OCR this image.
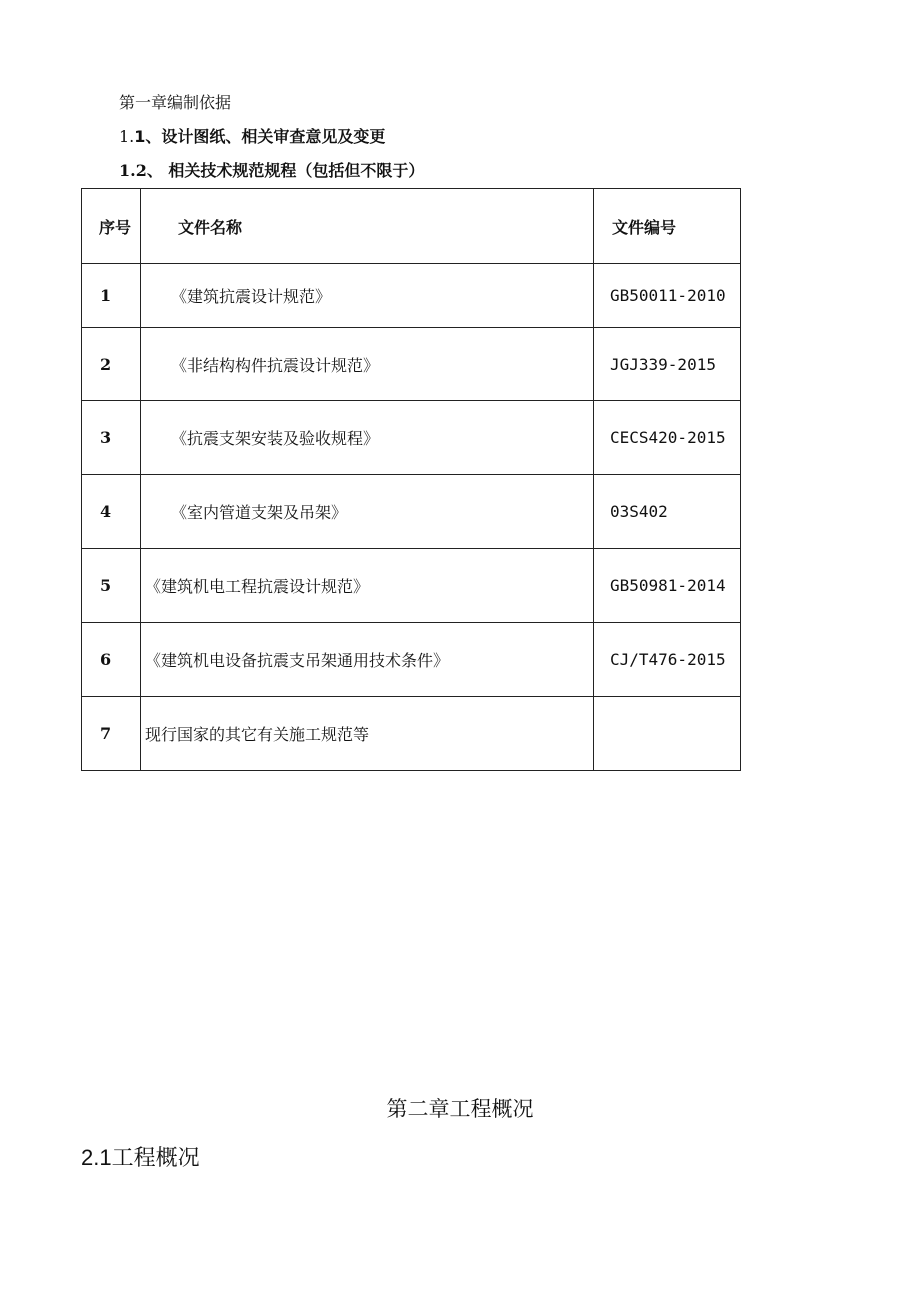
第一章编制依据
1.1、设计图纸、相关审查意见及变更
1.2、 相关技术规范规程（包括但不限于）
序号	文件名称	文件编号
1	《建筑抗震设计规范》	GB50011-2010
2	《非结构构件抗震设计规范》	JGJ339-2015
3	《抗震支架安装及验收规程》	CECS420-2015
4	《室内管道支架及吊架》	03S402
5	《建筑机电工程抗震设计规范》	GB50981-2014
6	《建筑机电设备抗震支吊架通用技术条件》	CJ/T476-2015
7	现行国家的其它有关施工规范等	
第二章工程概况
2.1工程概况
